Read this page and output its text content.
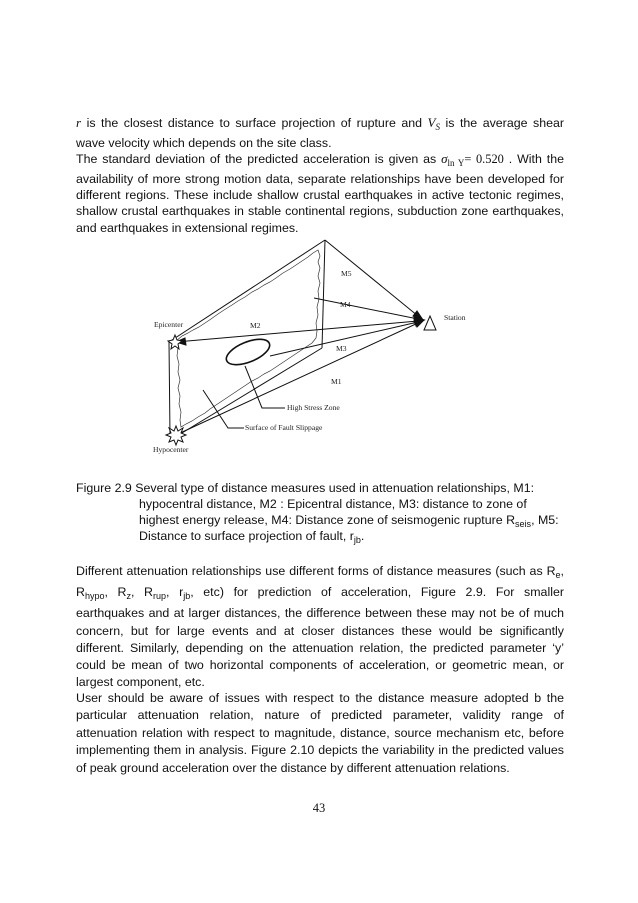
r is the closest distance to surface projection of rupture and $V_S$ is the average shear
wave velocity which depends on the site class.
The standard deviation of the predicted acceleration is given as $\sigma_{ln Y}= 0.520$ . With the
availability of more strong motion data, separate relationships have been developed for
different regions. These include shallow crustal earthquakes in active tectonic regimes,
shallow crustal earthquakes in stable continental regions, subduction zone earthquakes,
and earthquakes in extensional regimes.
M5
M4
Station
Epicenter	M2
M3
M1
High Stress Zone
Surface of Fault Slippage
Hypocenter

Figure 2.9 Several type of distance measures used in attenuation relationships, M1:

hypocentral distance, M2 : Epicentral distance, M3: distance to zone of

highest energy release, M4: Distance zone of seismogenic rupture $R_{seis}$, M5:

Distance to surface projection of fault, $r_{jb}$.

Different attenuation relationships use different forms of distance measures (such as $R_e$,
$R_{hypo}$, $R_z$, $R_{rup}$, $r_{jb}$, etc) for prediction of acceleration, Figure 2.9. For smaller
earthquakes and at larger distances, the difference between these may not be of much
concern, but for large events and at closer distances these would be significantly
different. Similarly, depending on the attenuation relation, the predicted parameter ‘y’
could be mean of two horizontal components of acceleration, or geometric mean, or
largest component, etc.
User should be aware of issues with respect to the distance measure adopted b the
particular attenuation relation, nature of predicted parameter, validity range of
attenuation relation with respect to magnitude, distance, source mechanism etc, before
implementing them in analysis. Figure 2.10 depicts the variability in the predicted values
of peak ground acceleration over the distance by different attenuation relations.
43
